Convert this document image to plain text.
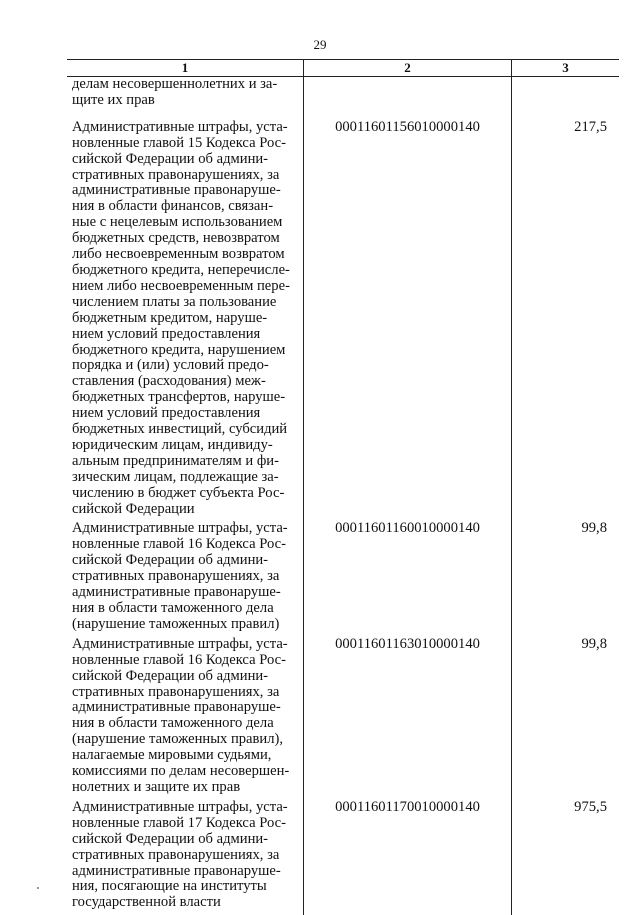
29
1	2	3
делам несовершеннолетних и за-
щите их прав
Административные штрафы, уста-
новленные главой 15 Кодекса Рос-
сийской Федерации об админи-
стративных правонарушениях, за
административные правонаруше-
ния в области финансов, связан-
ные с нецелевым использованием
бюджетных средств, невозвратом
либо несвоевременным возвратом
бюджетного кредита, неперечисле-
нием либо несвоевременным пере-
числением платы за пользование
бюджетным кредитом, наруше-
нием условий предоставления
бюджетного кредита, нарушением
порядка и (или) условий предо-
ставления (расходования) меж-
бюджетных трансфертов, наруше-
нием условий предоставления
бюджетных инвестиций, субсидий
юридическим лицам, индивиду-
альным предпринимателям и фи-
зическим лицам, подлежащие за-
числению в бюджет субъекта Рос-
сийской Федерации
00011601156010000140	217,5
Административные штрафы, уста-
новленные главой 16 Кодекса Рос-
сийской Федерации об админи-
стративных правонарушениях, за
административные правонаруше-
ния в области таможенного дела
(нарушение таможенных правил)
00011601160010000140	99,8
Административные штрафы, уста-
новленные главой 16 Кодекса Рос-
сийской Федерации об админи-
стративных правонарушениях, за
административные правонаруше-
ния в области таможенного дела
(нарушение таможенных правил),
налагаемые мировыми судьями,
комиссиями по делам несовершен-
нолетних и защите их прав
00011601163010000140	99,8
Административные штрафы, уста-
новленные главой 17 Кодекса Рос-
сийской Федерации об админи-
стративных правонарушениях, за
административные правонаруше-
ния, посягающие на институты
государственной власти
00011601170010000140	975,5
